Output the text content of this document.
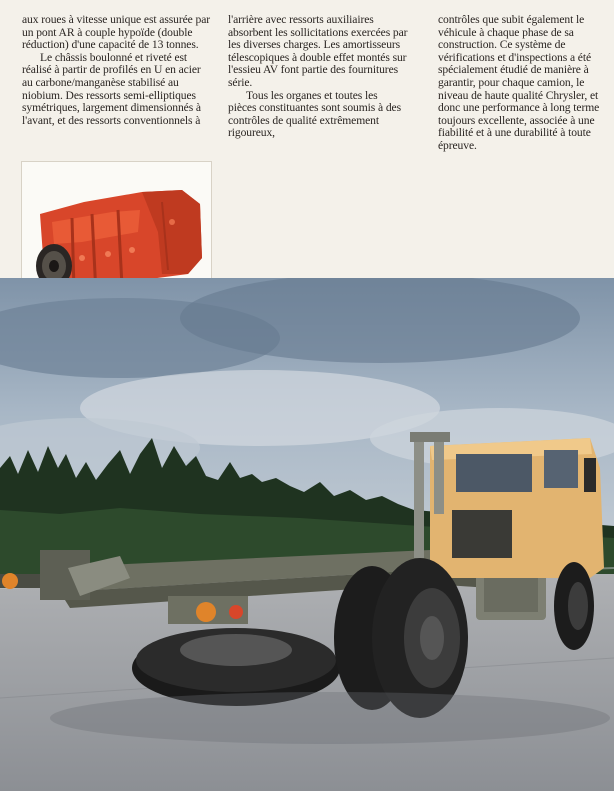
aux roues à vitesse unique est assurée par un pont AR à couple hypoïde (double réduction) d'une capacité de 13 tonnes.

Le châssis boulonné et riveté est réalisé à partir de profilés en U en acier au carbone/manganèse stabilisé au niobium. Des ressorts semi-elliptiques symétriques, largement dimensionnés à l'avant, et des ressorts conventionnels à

l'arrière avec ressorts auxiliaires absorbent les sollicitations exercées par les diverses charges. Les amortisseurs télescopiques à double effet montés sur l'essieu AV font partie des fournitures série.

Tous les organes et toutes les pièces constituantes sont soumis à des contrôles de qualité extrêmement rigoureux,

contrôles que subit également le véhicule à chaque phase de sa construction. Ce système de vérifications et d'inspections a été spécialement étudié de manière à garantir, pour chaque camion, le niveau de haute qualité Chrysler, et donc une performance à long terme toujours excellente, associée à une fiabilité et à une durabilité à toute épreuve.
